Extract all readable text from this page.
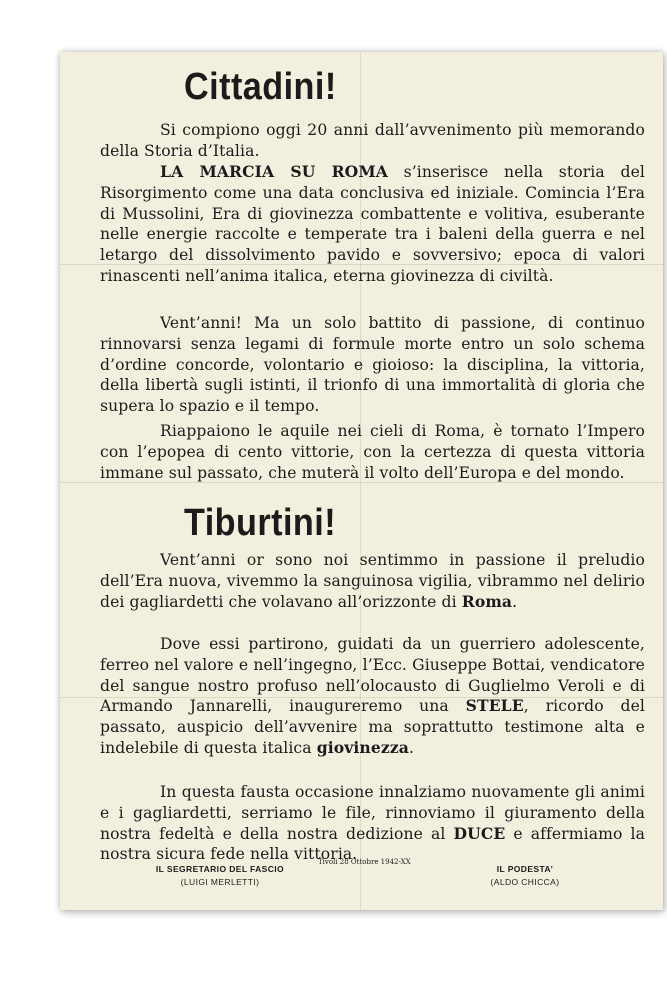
Cittadini!

Si compiono oggi 20 anni dall’avvenimento più memorando della Storia d’Italia.

LA MARCIA SU ROMA s’inserisce nella storia del Risorgimento come una data conclusiva ed iniziale. Comincia l’Era di Mussolini, Era di giovinezza combattente e volitiva, esuberante nelle energie raccolte e temperate tra i baleni della guerra e nel letargo del dissolvimento pavido e sovversivo; epoca di valori rinascenti nell’anima italica, eterna giovinezza di civiltà.

Vent’anni! Ma un solo battito di passione, di continuo rinnovarsi senza legami di formule morte entro un solo schema d’ordine concorde, volontario e gioioso: la disciplina, la vittoria, della libertà sugli istinti, il trionfo di una immortalità di gloria che supera lo spazio e il tempo.

Riappaiono le aquile nei cieli di Roma, è tornato l’Impero con l’epopea di cento vittorie, con la certezza di questa vittoria immane sul passato, che muterà il volto dell’Europa e del mondo.

Tiburtini!

Vent’anni or sono noi sentimmo in passione il preludio dell’Era nuova, vivemmo la sanguinosa vigilia, vibrammo nel delirio dei gagliardetti che volavano all’orizzonte di Roma.

Dove essi partirono, guidati da un guerriero adolescente, ferreo nel valore e nell’ingegno, l’Ecc. Giuseppe Bottai, vendicatore del sangue nostro profuso nell’olocausto di Guglielmo Veroli e di Armando Jannarelli, inaugureremo una STELE, ricordo del passato, auspicio dell’avvenire ma soprattutto testimone alta e indelebile di questa italica giovinezza.

In questa fausta occasione innalziamo nuovamente gli animi e i gagliardetti, serriamo le file, rinnoviamo il giuramento della nostra fedeltà e della nostra dedizione al DUCE e affermiamo la nostra sicura fede nella vittoria.

Tivoli 28 Ottobre 1942-XX
IL SEGRETARIO DEL FASCIO
(LUIGI MERLETTI)
IL PODESTA’
(ALDO CHICCA)
